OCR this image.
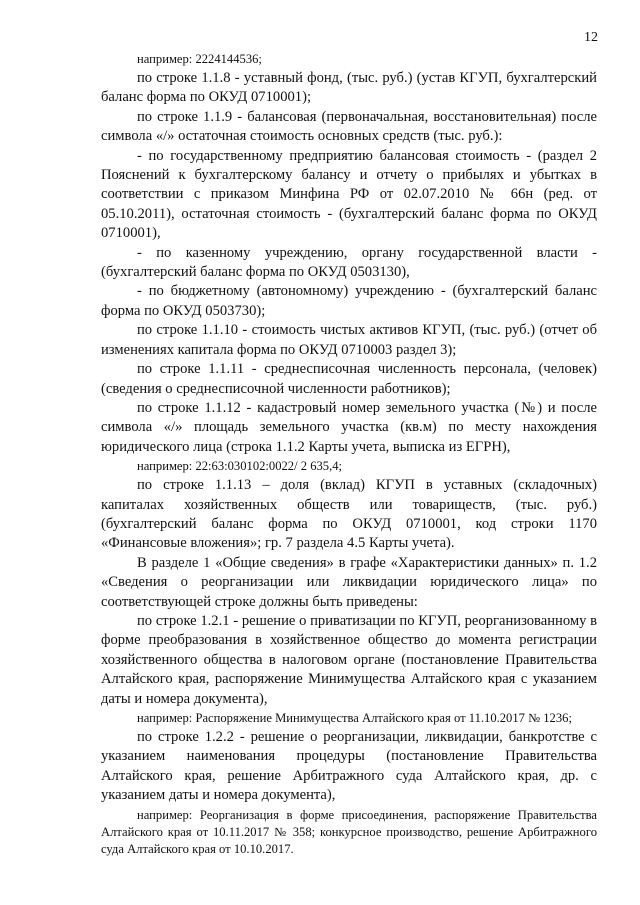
12

например: 2224144536;

по строке 1.1.8 - уставный фонд, (тыс. руб.) (устав КГУП, бухгалтерский баланс форма по ОКУД 0710001);

по строке 1.1.9 - балансовая (первоначальная, восстановительная) после символа «/» остаточная стоимость основных средств (тыс. руб.):

- по государственному предприятию балансовая стоимость - (раздел 2 Пояснений к бухгалтерскому балансу и отчету о прибылях и убытках в соответствии с приказом Минфина РФ от 02.07.2010 № 66н (ред. от 05.10.2011), остаточная стоимость - (бухгалтерский баланс форма по ОКУД 0710001),

- по казенному учреждению, органу государственной власти - (бухгалтерский баланс форма по ОКУД 0503130),

- по бюджетному (автономному) учреждению - (бухгалтерский баланс форма по ОКУД 0503730);

по строке 1.1.10 - стоимость чистых активов КГУП, (тыс. руб.) (отчет об изменениях капитала форма по ОКУД 0710003 раздел 3);

по строке 1.1.11 - среднесписочная численность персонала, (человек) (сведения о среднесписочной численности работников);

по строке 1.1.12 - кадастровый номер земельного участка (№) и после символа «/» площадь земельного участка (кв.м) по месту нахождения юридического лица (строка 1.1.2 Карты учета, выписка из ЕГРН),

например: 22:63:030102:0022/ 2 635,4;

по строке 1.1.13 – доля (вклад) КГУП в уставных (складочных) капиталах хозяйственных обществ или товариществ, (тыс. руб.) (бухгалтерский баланс форма по ОКУД 0710001, код строки 1170 «Финансовые вложения»; гр. 7 раздела 4.5 Карты учета).

В разделе 1 «Общие сведения» в графе «Характеристики данных» п. 1.2 «Сведения о реорганизации или ликвидации юридического лица» по соответствующей строке должны быть приведены:

по строке 1.2.1 - решение о приватизации по КГУП, реорганизованному в форме преобразования в хозяйственное общество до момента регистрации хозяйственного общества в налоговом органе (постановление Правительства Алтайского края, распоряжение Минимущества Алтайского края с указанием даты и номера документа),

например: Распоряжение Минимущества Алтайского края от 11.10.2017 № 1236;

по строке 1.2.2 - решение о реорганизации, ликвидации, банкротстве с указанием наименования процедуры (постановление Правительства Алтайского края, решение Арбитражного суда Алтайского края, др. с указанием даты и номера документа),

например: Реорганизация в форме присоединения, распоряжение Правительства Алтайского края от 10.11.2017 № 358; конкурсное производство, решение Арбитражного суда Алтайского края от 10.10.2017.
